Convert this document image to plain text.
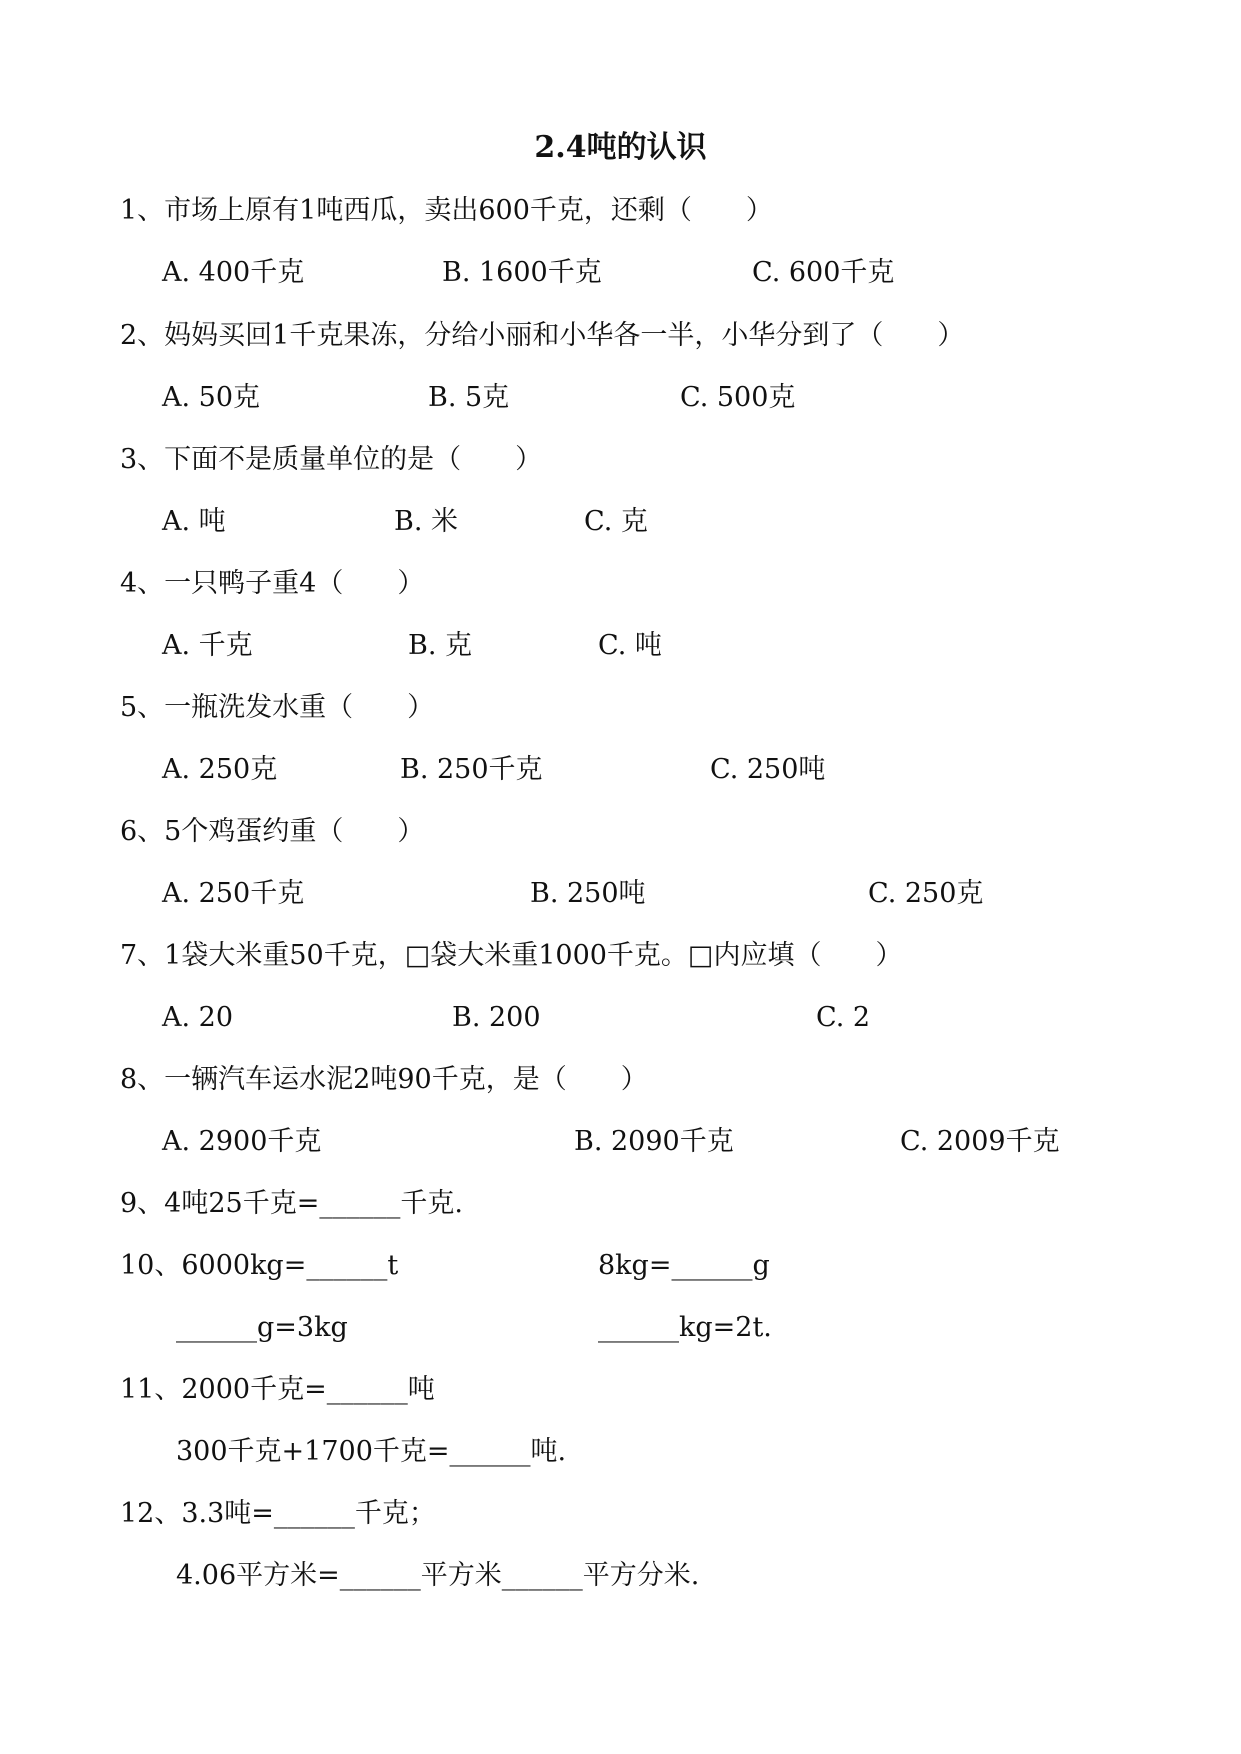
2.4吨的认识
1、市场上原有1吨西瓜，卖出600千克，还剩（　　）
A. 400千克	B. 1600千克	C. 600千克
2、妈妈买回1千克果冻，分给小丽和小华各一半，小华分到了（　　）
A. 50克	B. 5克	C. 500克
3、下面不是质量单位的是（　　）
A. 吨	B. 米	C. 克
4、一只鸭子重4（　　）
A. 千克	B. 克	C. 吨
5、一瓶洗发水重（　　）
A. 250克	B. 250千克	C. 250吨
6、5个鸡蛋约重（　　）
A. 250千克	B. 250吨	C. 250克
7、1袋大米重50千克，□袋大米重1000千克。□内应填（　　）
A. 20	B. 200	C. 2
8、一辆汽车运水泥2吨90千克，是（　　）
A. 2900千克	B. 2090千克	C. 2009千克
9、4吨25千克=______千克.
10、6000kg=______t	8kg=______g
______g=3kg	______kg=2t.
11、2000千克=______吨
300千克+1700千克=______吨.
12、3.3吨=______千克；
4.06平方米=______平方米______平方分米.
